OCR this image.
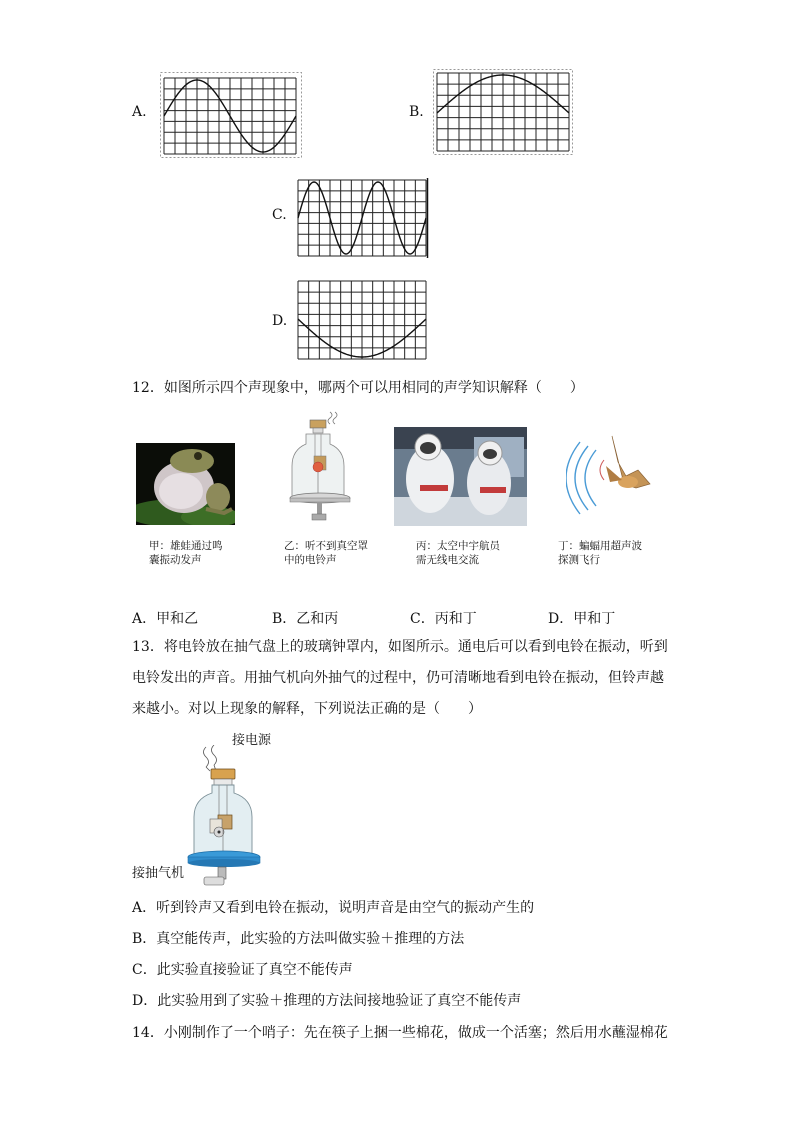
A.	B.
C.
D.
12．如图所示四个声现象中，哪两个可以用相同的声学知识解释（　　）
甲：雄蛙通过鸣
囊振动发声
乙：听不到真空罩
中的电铃声
丙：太空中宇航员
需无线电交流
丁：蝙蝠用超声波
探测飞行
A．甲和乙	B．乙和丙	C．丙和丁	D．甲和丁
13．将电铃放在抽气盘上的玻璃钟罩内，如图所示。通电后可以看到电铃在振动，听到
电铃发出的声音。用抽气机向外抽气的过程中，仍可清晰地看到电铃在振动，但铃声越
来越小。对以上现象的解释，下列说法正确的是（　　）
接电源
接抽气机
A．听到铃声又看到电铃在振动，说明声音是由空气的振动产生的
B．真空能传声，此实验的方法叫做实验＋推理的方法
C．此实验直接验证了真空不能传声
D．此实验用到了实验＋推理的方法间接地验证了真空不能传声
14．小刚制作了一个哨子：先在筷子上捆一些棉花，做成一个活塞；然后用水蘸湿棉花
